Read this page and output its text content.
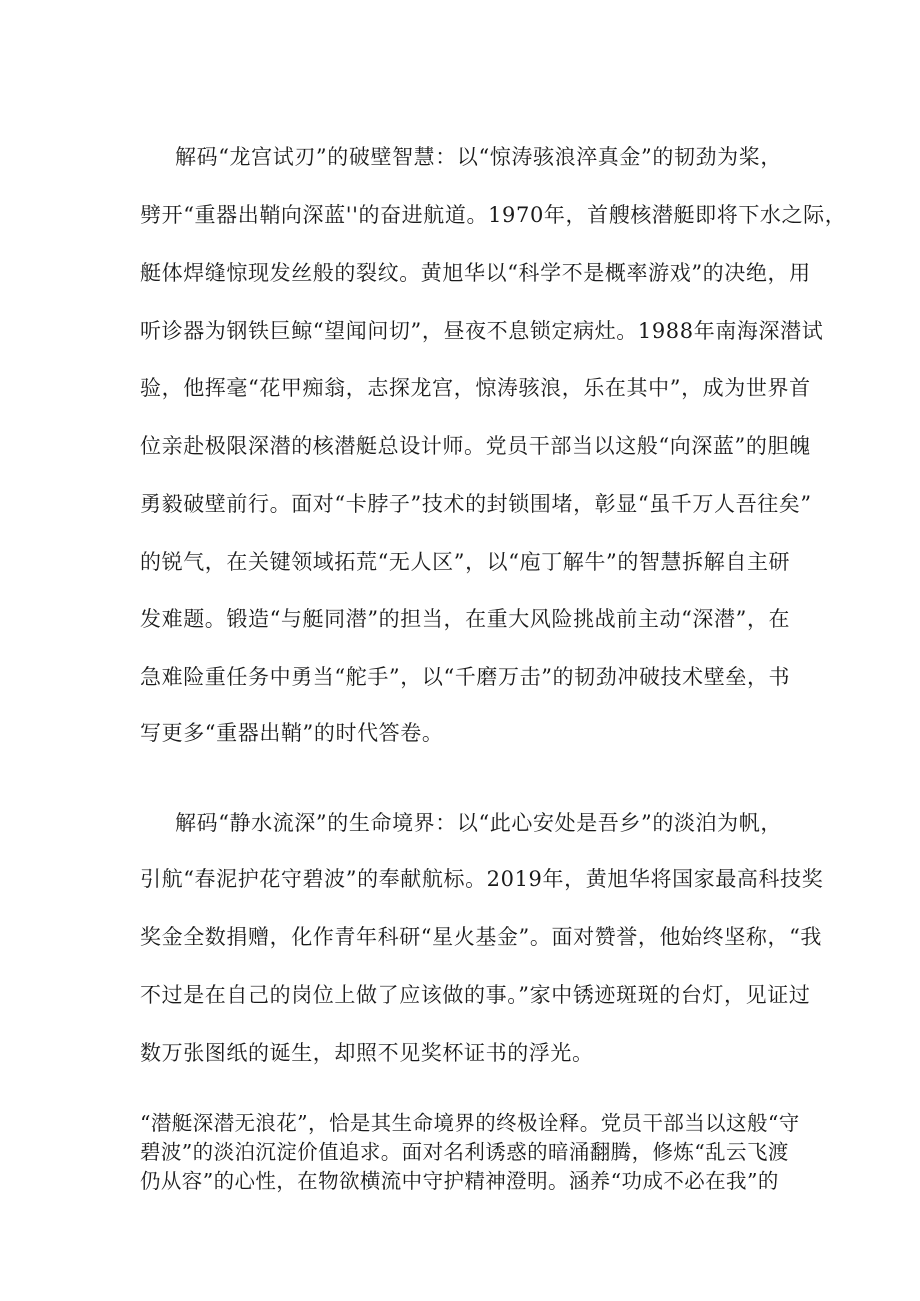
解码“龙宫试刃”的破壁智慧：以“惊涛骇浪淬真金”的韧劲为桨，
劈开“重器出鞘向深蓝''的奋进航道。1970年，首艘核潜艇即将下水之际，
艇体焊缝惊现发丝般的裂纹。黄旭华以“科学不是概率游戏”的决绝，用
听诊器为钢铁巨鲸“望闻问切”，昼夜不息锁定病灶。1988年南海深潜试
验，他挥毫“花甲痴翁，志探龙宫，惊涛骇浪，乐在其中”，成为世界首
位亲赴极限深潜的核潜艇总设计师。党员干部当以这般“向深蓝”的胆魄
勇毅破壁前行。面对“卡脖子”技术的封锁围堵，彰显“虽千万人吾往矣”
的锐气，在关键领域拓荒“无人区”，以“庖丁解牛”的智慧拆解自主研
发难题。锻造“与艇同潜”的担当，在重大风险挑战前主动“深潜”，在
急难险重任务中勇当“舵手”，以“千磨万击”的韧劲冲破技术壁垒，书
写更多“重器出鞘”的时代答卷。
解码“静水流深”的生命境界：以“此心安处是吾乡”的淡泊为帆，
引航“春泥护花守碧波”的奉献航标。2019年，黄旭华将国家最高科技奖
奖金全数捐赠，化作青年科研“星火基金”。面对赞誉，他始终坚称，“我
不过是在自己的岗位上做了应该做的事。”家中锈迹斑斑的台灯，见证过
数万张图纸的诞生，却照不见奖杯证书的浮光。
“潜艇深潜无浪花”，恰是其生命境界的终极诠释。党员干部当以这般“守
碧波”的淡泊沉淀价值追求。面对名利诱惑的暗涌翻腾，修炼“乱云飞渡
仍从容”的心性，在物欲横流中守护精神澄明。涵养“功成不必在我”的
